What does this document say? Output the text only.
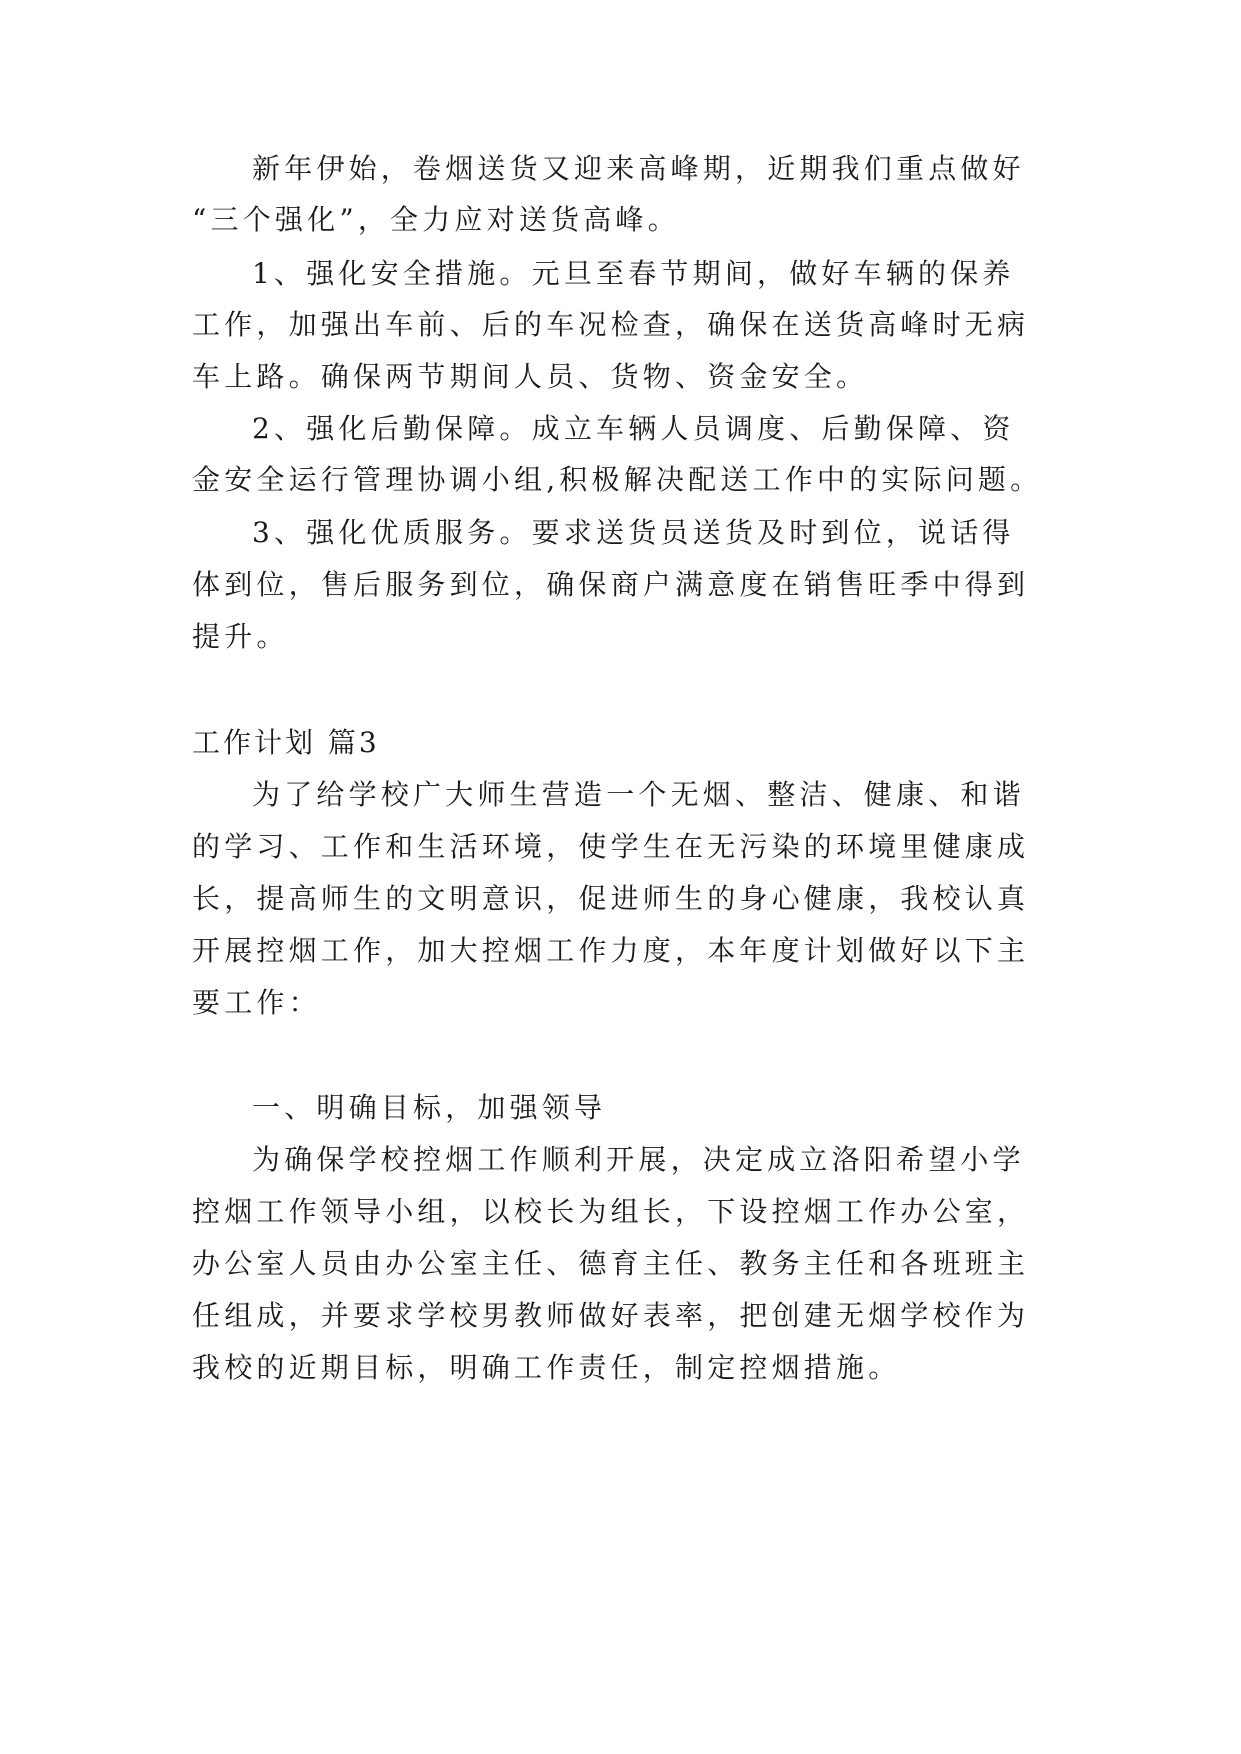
新年伊始，卷烟送货又迎来高峰期，近期我们重点做好
“三个强化”，全力应对送货高峰。
1、强化安全措施。元旦至春节期间，做好车辆的保养
工作，加强出车前、后的车况检查，确保在送货高峰时无病
车上路。确保两节期间人员、货物、资金安全。
2、强化后勤保障。成立车辆人员调度、后勤保障、资
金安全运行管理协调小组,积极解决配送工作中的实际问题。
3、强化优质服务。要求送货员送货及时到位，说话得
体到位，售后服务到位，确保商户满意度在销售旺季中得到
提升。
工作计划 篇3
为了给学校广大师生营造一个无烟、整洁、健康、和谐
的学习、工作和生活环境，使学生在无污染的环境里健康成
长，提高师生的文明意识，促进师生的身心健康，我校认真
开展控烟工作，加大控烟工作力度，本年度计划做好以下主
要工作：
一、明确目标，加强领导
为确保学校控烟工作顺利开展，决定成立洛阳希望小学
控烟工作领导小组，以校长为组长，下设控烟工作办公室，
办公室人员由办公室主任、德育主任、教务主任和各班班主
任组成，并要求学校男教师做好表率，把创建无烟学校作为
我校的近期目标，明确工作责任，制定控烟措施。
